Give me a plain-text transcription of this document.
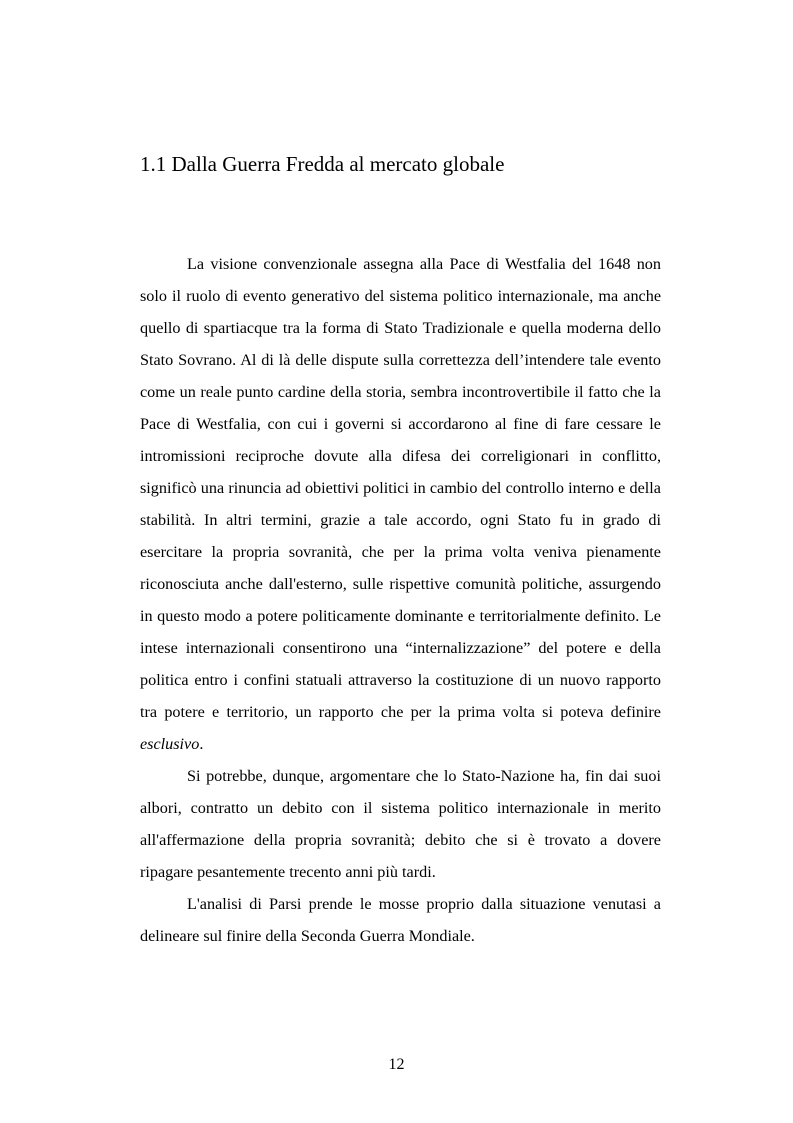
1.1 Dalla Guerra Fredda al mercato globale

La visione convenzionale assegna alla Pace di Westfalia del 1648 non solo il ruolo di evento generativo del sistema politico internazionale, ma anche quello di spartiacque tra la forma di Stato Tradizionale e quella moderna dello Stato Sovrano. Al di là delle dispute sulla correttezza dell’intendere tale evento come un reale punto cardine della storia, sembra incontrovertibile il fatto che la Pace di Westfalia, con cui i governi si accordarono al fine di fare cessare le intromissioni reciproche dovute alla difesa dei correligionari in conflitto, significò una rinuncia ad obiettivi politici in cambio del controllo interno e della stabilità. In altri termini, grazie a tale accordo, ogni Stato fu in grado di esercitare la propria sovranità, che per la prima volta veniva pienamente riconosciuta anche dall'esterno, sulle rispettive comunità politiche, assurgendo in questo modo a potere politicamente dominante e territorialmente definito. Le intese internazionali consentirono una “internalizzazione” del potere e della politica entro i confini statuali attraverso la costituzione di un nuovo rapporto tra potere e territorio, un rapporto che per la prima volta si poteva definire esclusivo.

Si potrebbe, dunque, argomentare che lo Stato-Nazione ha, fin dai suoi albori, contratto un debito con il sistema politico internazionale in merito all'affermazione della propria sovranità; debito che si è trovato a dovere ripagare pesantemente trecento anni più tardi.

L'analisi di Parsi prende le mosse proprio dalla situazione venutasi a delineare sul finire della Seconda Guerra Mondiale.

12
